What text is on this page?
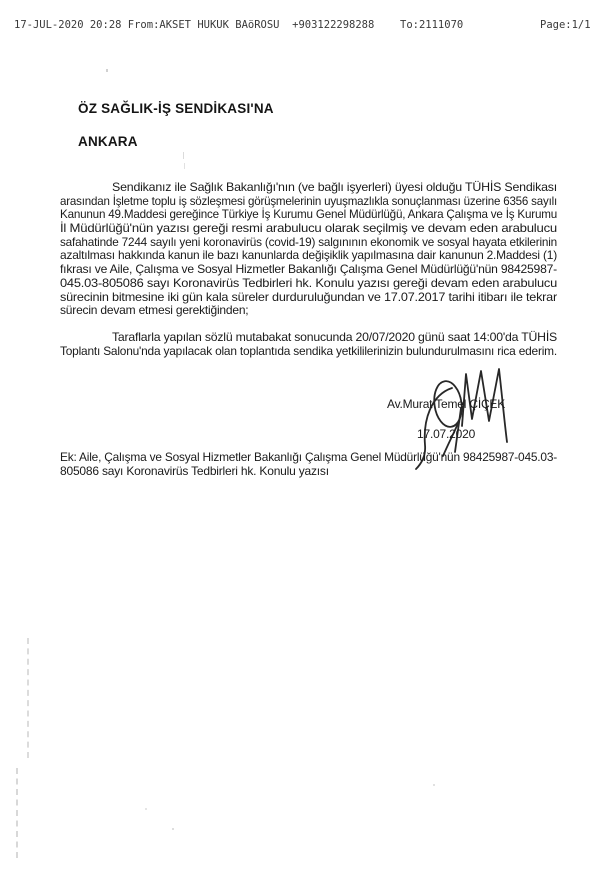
17-JUL-2020 20:28 From:AKSET HUKUK BAöROSU  +903122298288

To:2111070

	Page:1/1

ÖZ SAĞLIK-İŞ SENDİKASI'NA
ANKARA
Sendikanız ile Sağlık Bakanlığı'nın (ve bağlı işyerleri) üyesi olduğu TÜHİS Sendikası
arasından İşletme toplu iş sözleşmesi görüşmelerinin uyuşmazlıkla sonuçlanması üzerine 6356 sayılı
Kanunun 49.Maddesi gereğince Türkiye İş Kurumu Genel Müdürlüğü, Ankara Çalışma ve İş Kurumu
İl Müdürlüğü'nün yazısı gereği resmi arabulucu olarak seçilmiş ve devam eden arabulucu
safahatinde 7244 sayılı yeni koronavirüs (covid-19) salgınının ekonomik ve sosyal hayata etkilerinin
azaltılması hakkında kanun ile bazı kanunlarda değişiklik yapılmasına dair kanunun 2.Maddesi (1)
fıkrası ve Aile, Çalışma ve Sosyal Hizmetler Bakanlığı Çalışma Genel Müdürlüğü'nün 98425987-
045.03-805086 sayı Koronavirüs Tedbirleri hk. Konulu yazısı gereği devam eden arabulucu
sürecinin bitmesine iki gün kala süreler durduruluğundan ve 17.07.2017 tarihi itibarı ile tekrar
sürecin devam etmesi gerektiğinden;
Taraflarla yapılan sözlü mutabakat sonucunda 20/07/2020 günü saat 14:00'da TÜHİS
Toplantı Salonu'nda yapılacak olan toplantıda sendika yetkililerinizin bulundurulmasını rica ederim.
Av.Murat Temel ÇİÇEK
17.07.2020
Ek: Aile, Çalışma ve Sosyal Hizmetler Bakanlığı Çalışma Genel Müdürlüğü'nün 98425987-045.03-
805086 sayı Koronavirüs Tedbirleri hk. Konulu yazısı
